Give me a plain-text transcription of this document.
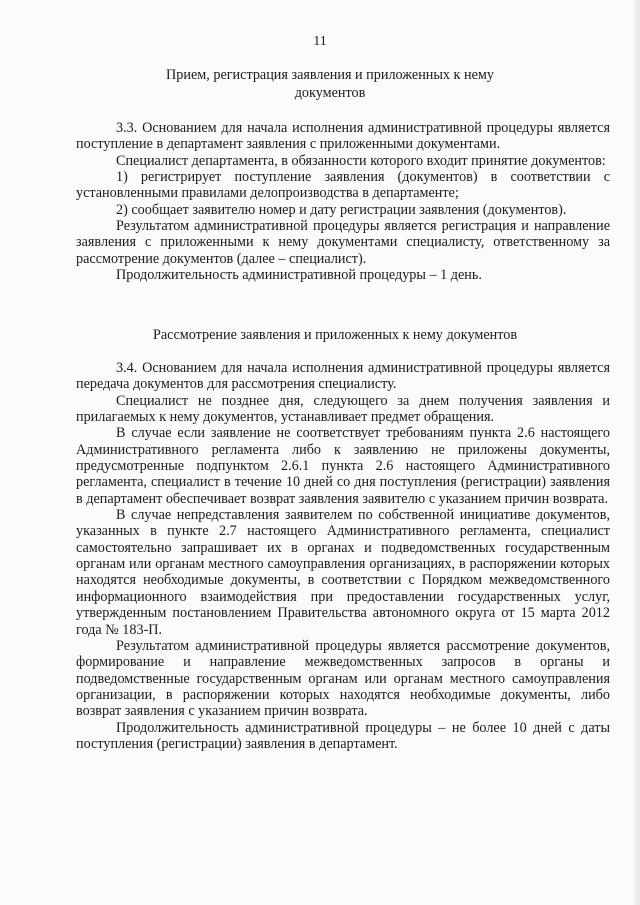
11
Прием, регистрация заявления и приложенных к нему
документов

3.3. Основанием для начала исполнения административной процедуры является поступление в департамент заявления с приложенными документами.

Специалист департамента, в обязанности которого входит принятие документов:

1) регистрирует поступление заявления (документов) в соответствии с установленными правилами делопроизводства в департаменте;

2) сообщает заявителю номер и дату регистрации заявления (документов).

Результатом административной процедуры является регистрация и направление заявления с приложенными к нему документами специалисту, ответственному за рассмотрение документов (далее – специалист).

Продолжительность административной процедуры – 1 день.

Рассмотрение заявления и приложенных к нему документов

3.4. Основанием для начала исполнения административной процедуры является передача документов для рассмотрения специалисту.

Специалист не позднее дня, следующего за днем получения заявления и прилагаемых к нему документов, устанавливает предмет обращения.

В случае если заявление не соответствует требованиям пункта 2.6 настоящего Административного регламента либо к заявлению не приложены документы, предусмотренные подпунктом 2.6.1 пункта 2.6 настоящего Административного регламента, специалист в течение 10 дней со дня поступления (регистрации) заявления в департамент обеспечивает возврат заявления заявителю с указанием причин возврата.

В случае непредставления заявителем по собственной инициативе документов, указанных в пункте 2.7 настоящего Административного регламента, специалист самостоятельно запрашивает их в органах и подведомственных государственным органам или органам местного самоуправления организациях, в распоряжении которых находятся необходимые документы, в соответствии с Порядком межведомственного информационного взаимодействия при предоставлении государственных услуг, утвержденным постановлением Правительства автономного округа от 15 марта 2012 года № 183-П.

Результатом административной процедуры является рассмотрение документов, формирование и направление межведомственных запросов в органы и подведомственные государственным органам или органам местного самоуправления организации, в распоряжении которых находятся необходимые документы, либо возврат заявления с указанием причин возврата.

Продолжительность административной процедуры – не более 10 дней с даты поступления (регистрации) заявления в департамент.
